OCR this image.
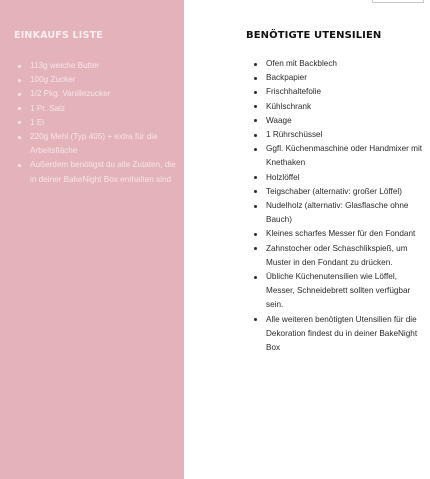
EINKAUFS LISTE
113g weiche Butter
100g Zucker
1/2 Pkg. Vanillezucker
1 Pr. Salz
1 Ei
220g Mehl (Typ 405) + extra für die Arbeitsfläche
Außerdem benötigst du alle Zutaten, die in deiner BakeNight Box enthalten sind
BENÖTIGTE UTENSILIEN
Ofen mit Backblech
Backpapier
Frischhaltefolie
Kühlschrank
Waage
1 Rührschüssel
Ggfl. Küchenmaschine oder Handmixer mit Knethaken
Holzlöffel
Teigschaber (alternativ: großer Löffel)
Nudelholz (alternativ: Glasflasche ohne Bauch)
Kleines scharfes Messer für den Fondant
Zahnstocher oder Schaschlikspieß, um Muster in den Fondant zu drücken.
Übliche Küchenutensilien wie Löffel, Messer, Schneidebrett sollten verfügbar sein.
Alle weiteren benötigten Utensilien für die Dekoration findest du in deiner BakeNight Box
